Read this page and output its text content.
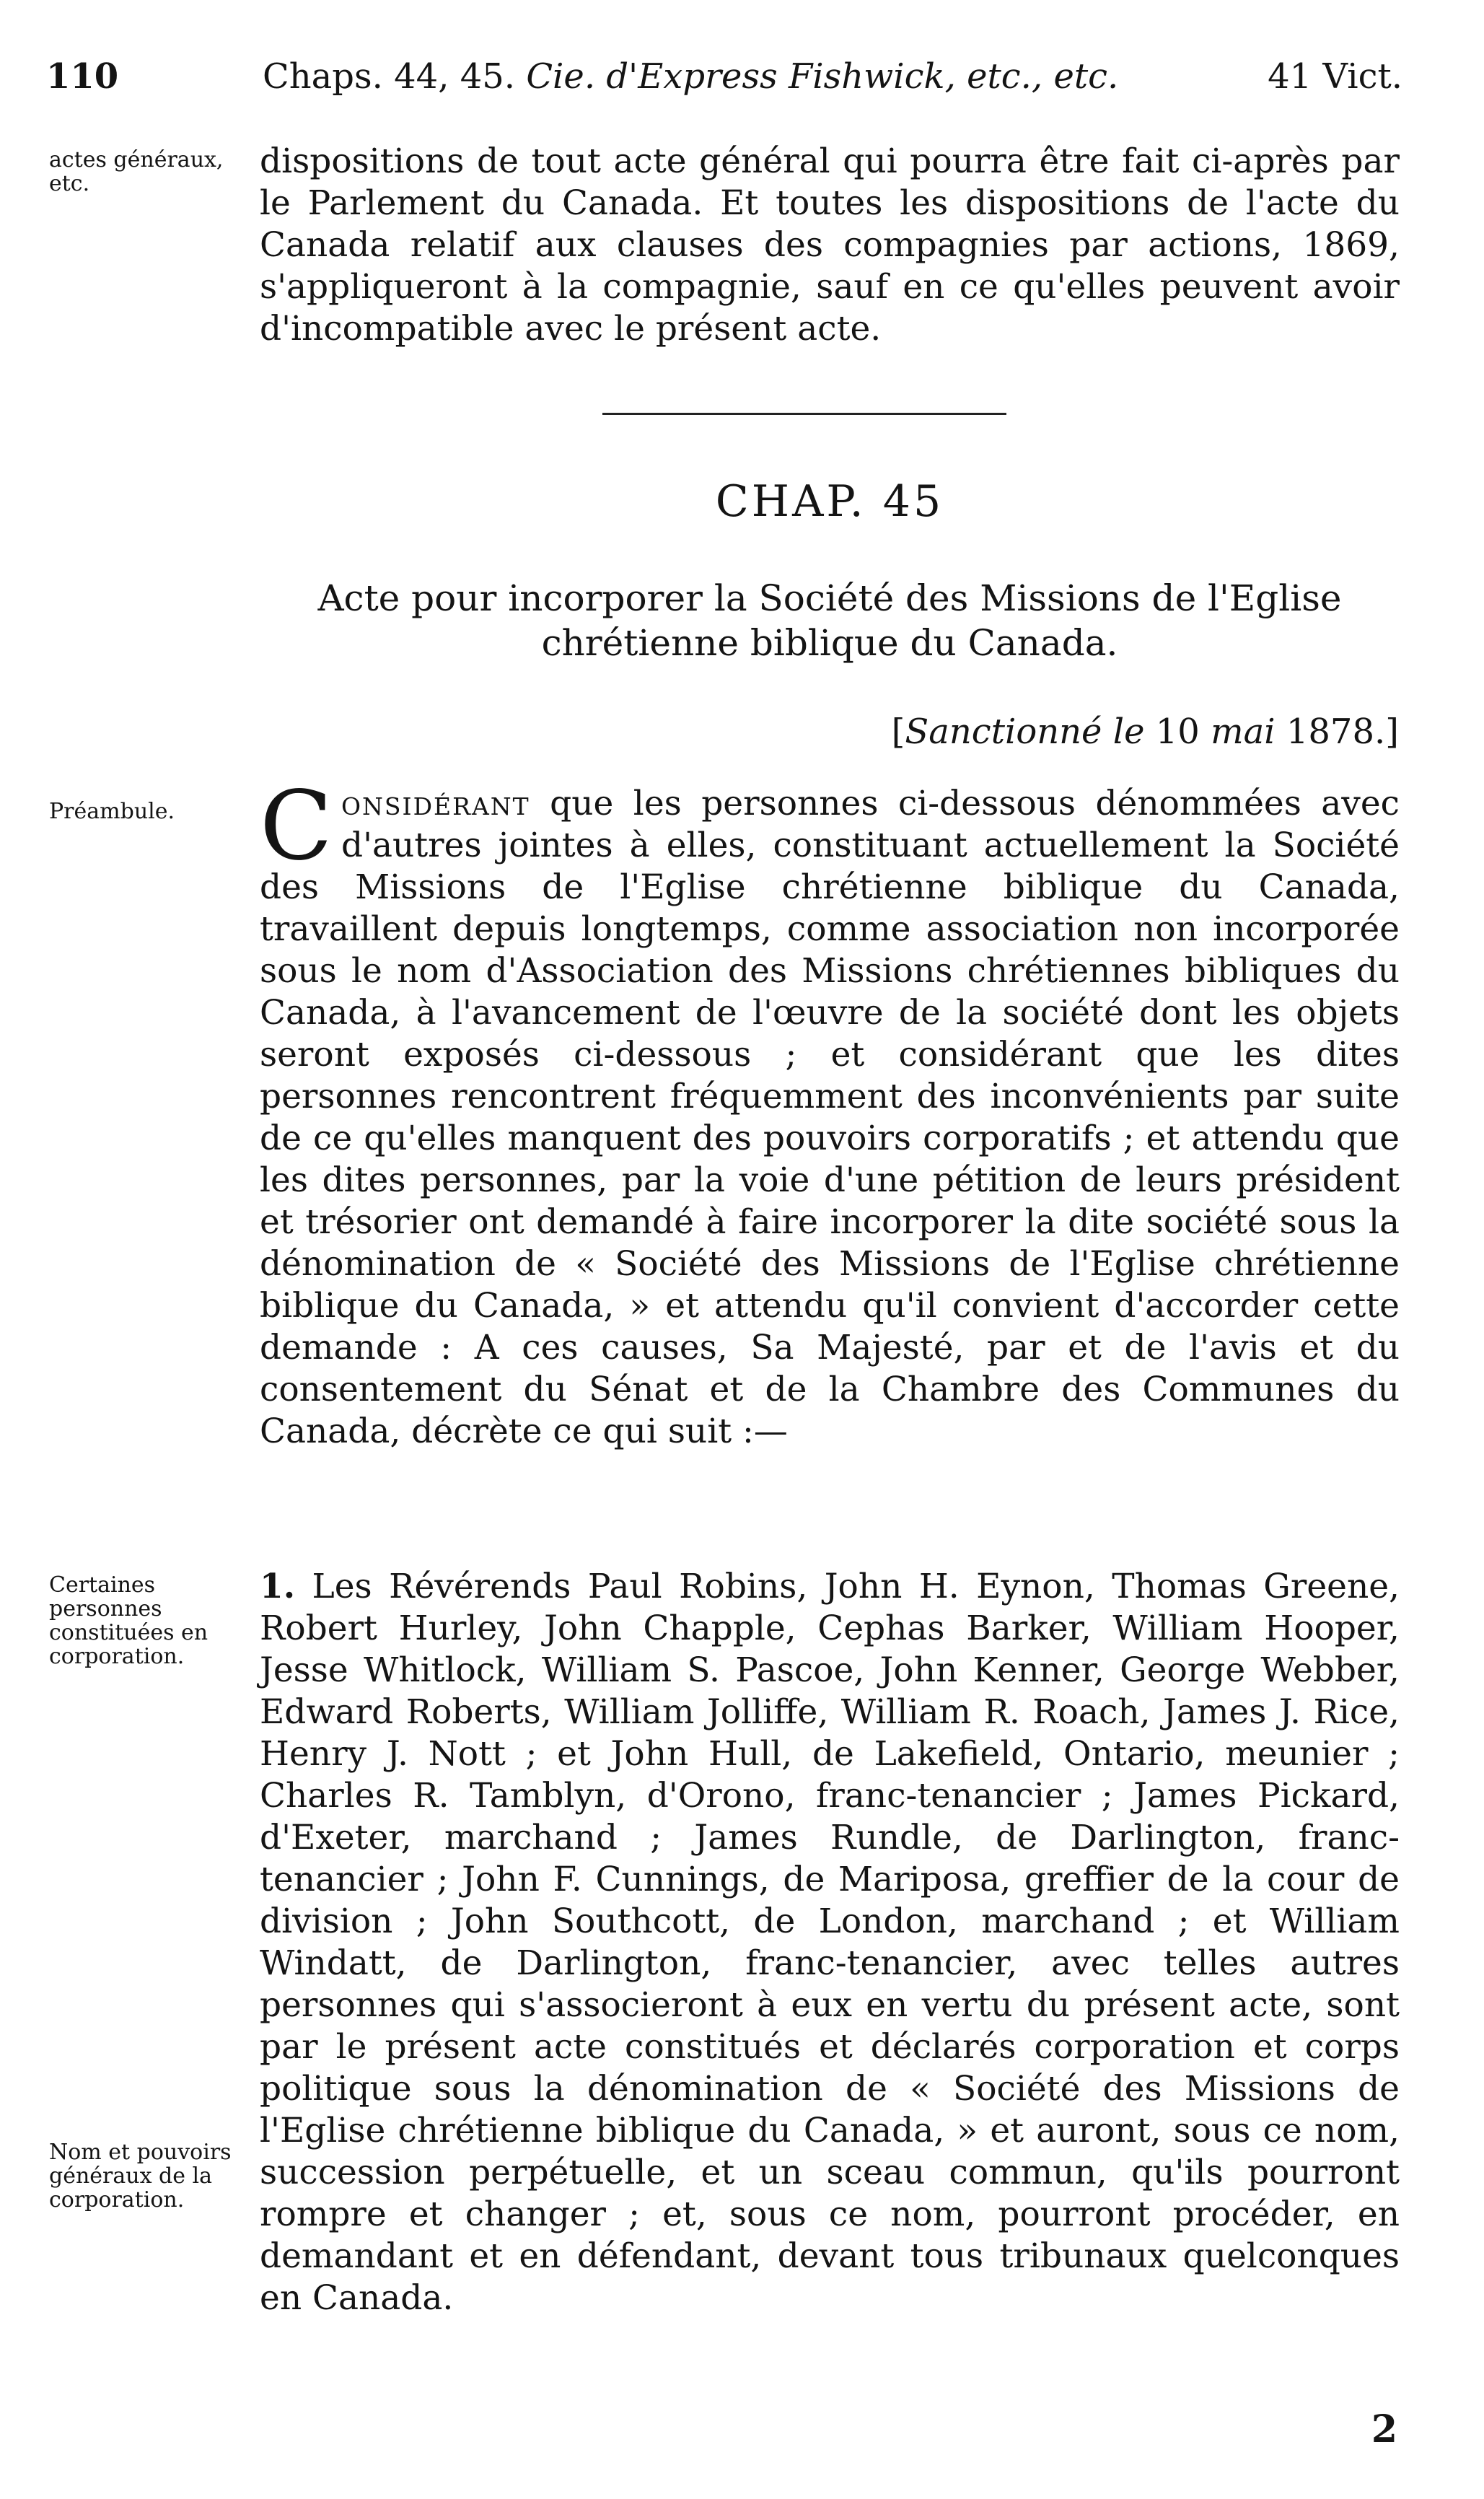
110	Chaps. 44, 45. Cie. d'Express Fishwick, etc., etc.	41 Vict.
actes généraux, etc.
dispositions de tout acte général qui pourra être fait ci-après par le Parlement du Canada. Et toutes les dispositions de l'acte du Canada relatif aux clauses des compagnies par actions, 1869, s'appliqueront à la compagnie, sauf en ce qu'elles peuvent avoir d'incompatible avec le présent acte.
CHAP. 45
Acte pour incorporer la Société des Missions de l'Eglise chrétienne biblique du Canada.
[Sanctionné le 10 mai 1878.]
Préambule. Considérant que les personnes ci-dessous dénommées avec d'autres jointes à elles, constituant actuellement la Société des Missions de l'Eglise chrétienne biblique du Canada, travaillent depuis longtemps, comme association non incorporée sous le nom d'Association des Missions chrétiennes bibliques du Canada, à l'avancement de l'œuvre de la société dont les objets seront exposés ci-dessous ; et considérant que les dites personnes rencontrent fréquemment des inconvénients par suite de ce qu'elles manquent des pouvoirs corporatifs ; et attendu que les dites personnes, par la voie d'une pétition de leurs président et trésorier ont demandé à faire incorporer la dite société sous la dénomination de « Société des Missions de l'Eglise chrétienne biblique du Canada, » et attendu qu'il convient d'accorder cette demande : A ces causes, Sa Majesté, par et de l'avis et du consentement du Sénat et de la Chambre des Communes du Canada, décrète ce qui suit :—
Certaines personnes constituées en corporation.
Nom et pouvoirs généraux de la corporation.
1. Les Révérends Paul Robins, John H. Eynon, Thomas Greene, Robert Hurley, John Chapple, Cephas Barker, William Hooper, Jesse Whitlock, William S. Pascoe, John Kenner, George Webber, Edward Roberts, William Jolliffe, William R. Roach, James J. Rice, Henry J. Nott ; et John Hull, de Lakefield, Ontario, meunier ; Charles R. Tamblyn, d'Orono, franc-tenancier ; James Pickard, d'Exeter, marchand ; James Rundle, de Darlington, franc-tenancier ; John F. Cunnings, de Mariposa, greffier de la cour de division ; John Southcott, de London, marchand ; et William Windatt, de Darlington, franc-tenancier, avec telles autres personnes qui s'associeront à eux en vertu du présent acte, sont par le présent acte constitués et déclarés corporation et corps politique sous la dénomination de « Société des Missions de l'Eglise chrétienne biblique du Canada, » et auront, sous ce nom, succession perpétuelle, et un sceau commun, qu'ils pourront rompre et changer ; et, sous ce nom, pourront procéder, en demandant et en défendant, devant tous tribunaux quelconques en Canada.
2
